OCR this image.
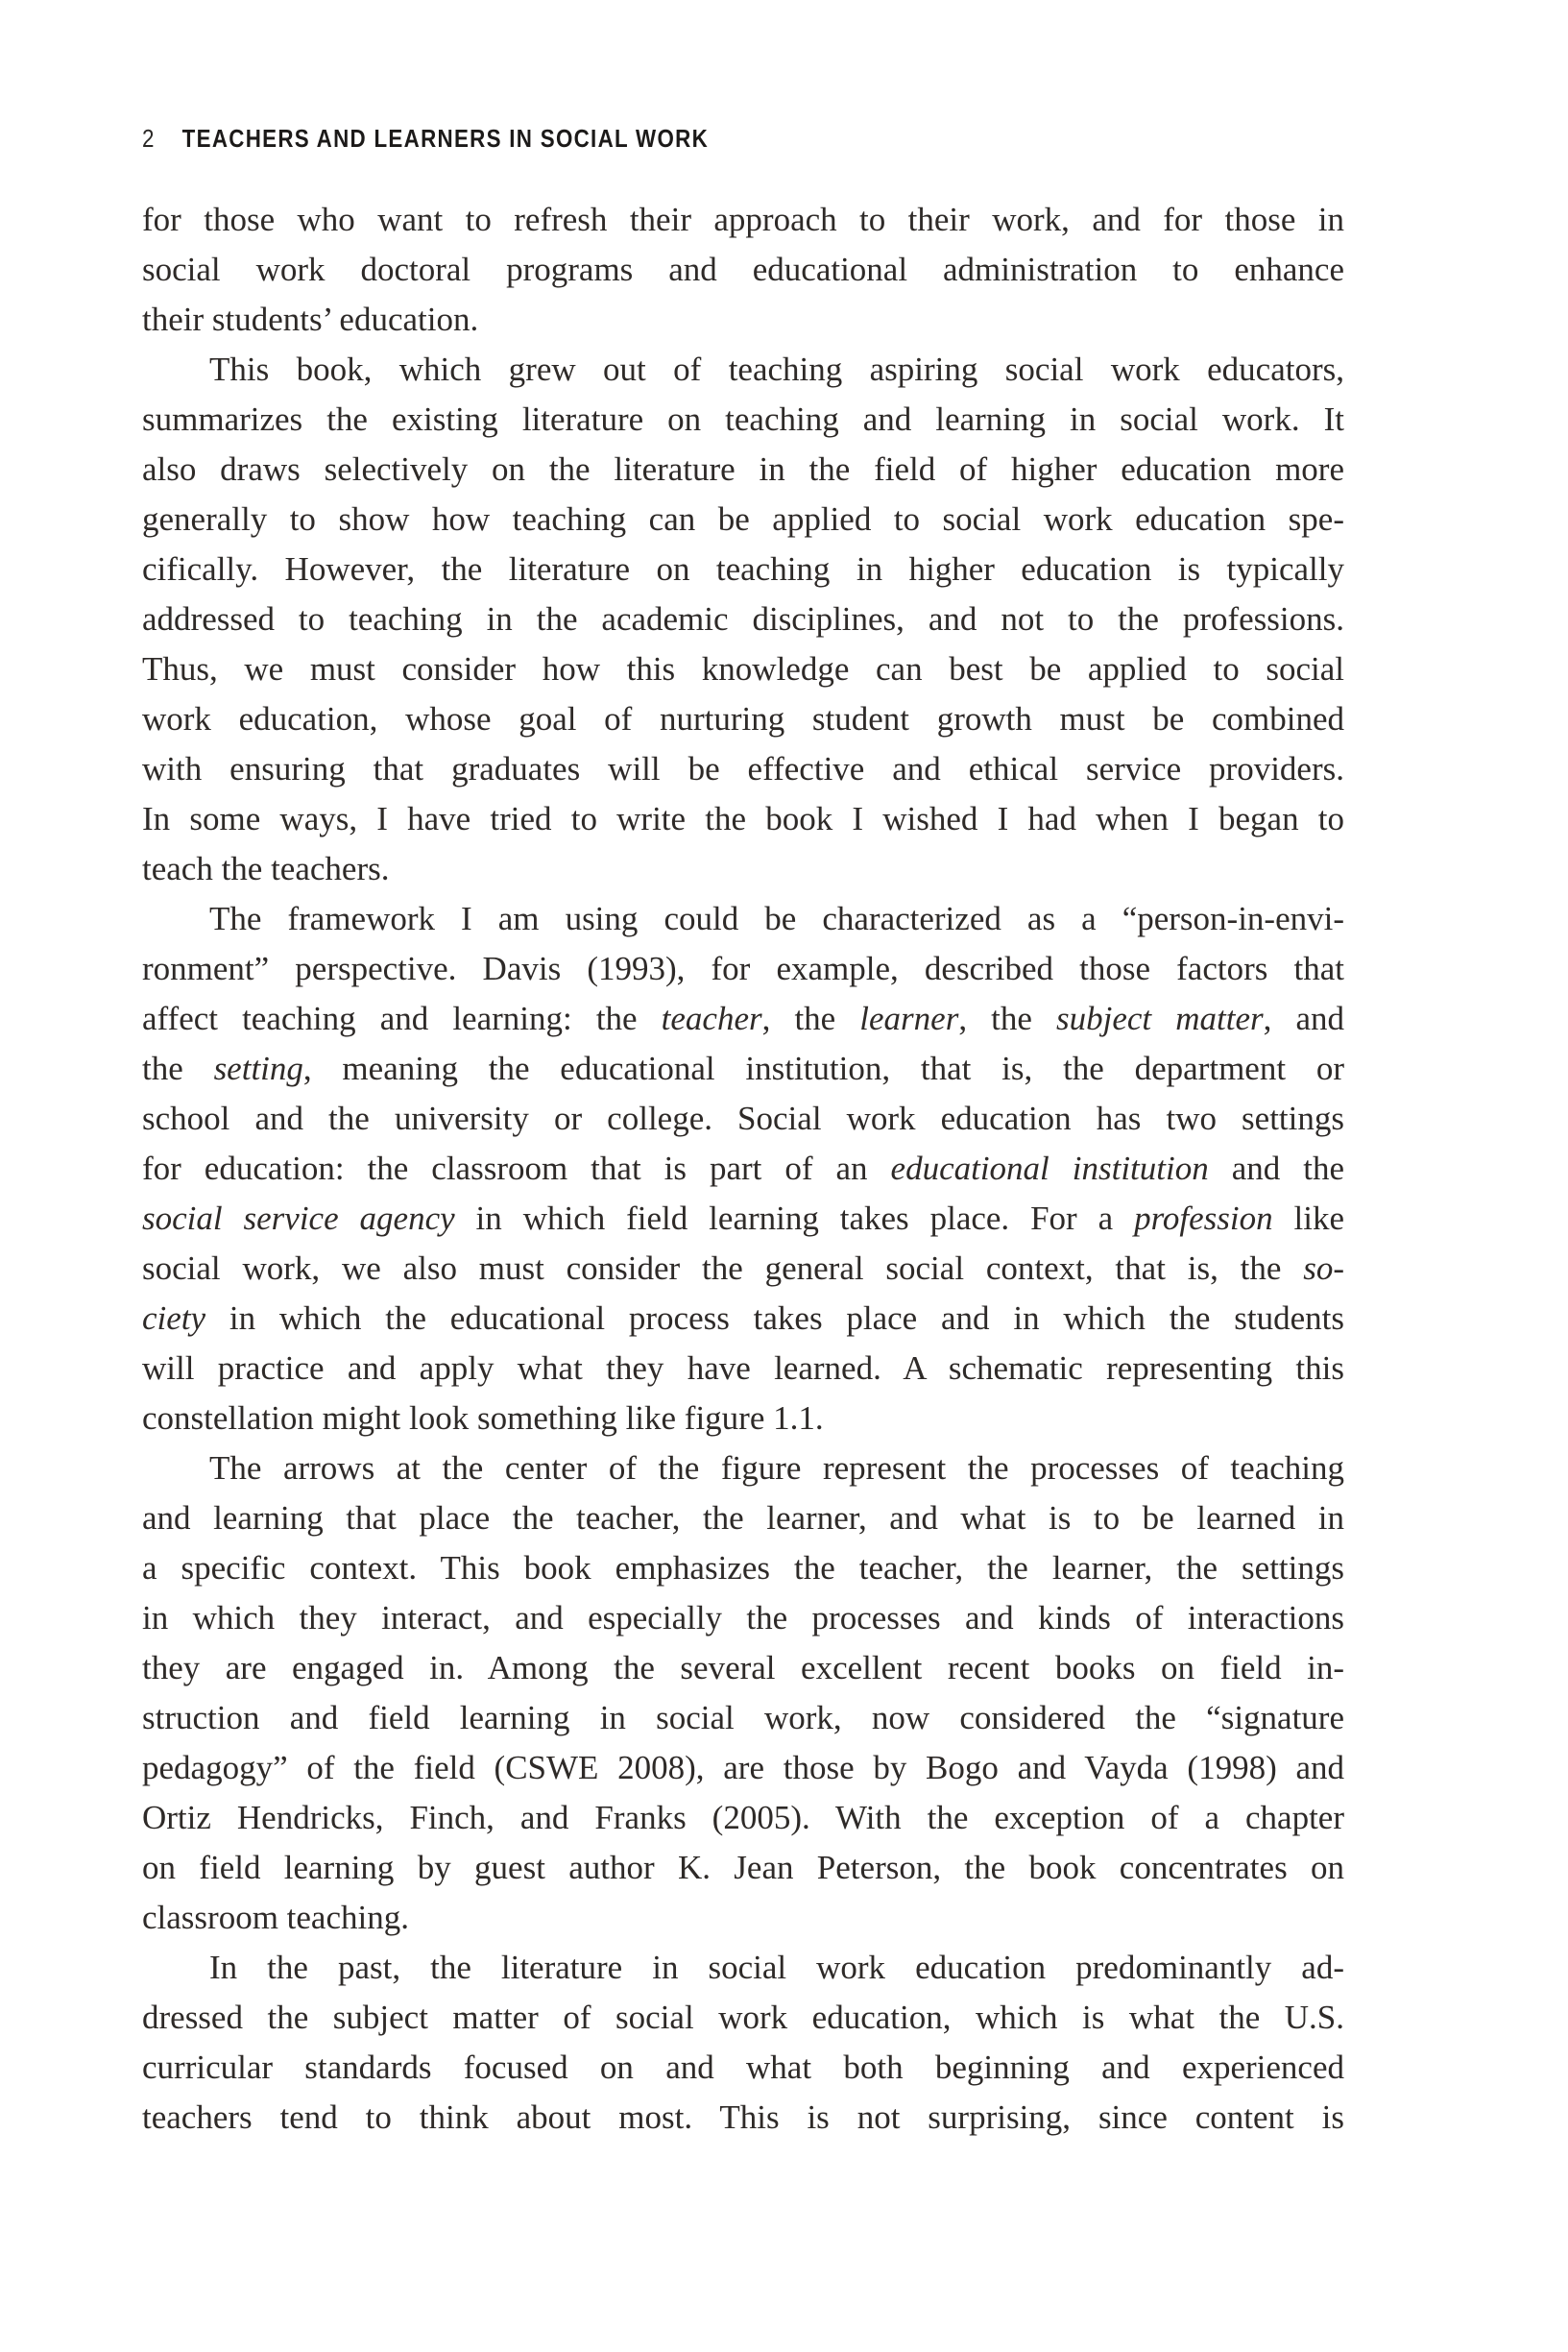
2 TEACHERS AND LEARNERS IN SOCIAL WORK
for those who want to refresh their approach to their work, and for those in
social work doctoral programs and educational administration to enhance
their students’ education.
This book, which grew out of teaching aspiring social work educators,
summarizes the existing literature on teaching and learning in social work. It
also draws selectively on the literature in the field of higher education more
generally to show how teaching can be applied to social work education spe-
cifically. However, the literature on teaching in higher education is typically
addressed to teaching in the academic disciplines, and not to the professions.
Thus, we must consider how this knowledge can best be applied to social
work education, whose goal of nurturing student growth must be combined
with ensuring that graduates will be effective and ethical service providers.
In some ways, I have tried to write the book I wished I had when I began to
teach the teachers.
The framework I am using could be characterized as a “person-in-envi-
ronment” perspective. Davis (1993), for example, described those factors that
affect teaching and learning: the teacher, the learner, the subject matter, and
the setting, meaning the educational institution, that is, the department or
school and the university or college. Social work education has two settings
for education: the classroom that is part of an educational institution and the
social service agency in which field learning takes place. For a profession like
social work, we also must consider the general social context, that is, the so-
ciety in which the educational process takes place and in which the students
will practice and apply what they have learned. A schematic representing this
constellation might look something like figure 1.1.
The arrows at the center of the figure represent the processes of teaching
and learning that place the teacher, the learner, and what is to be learned in
a specific context. This book emphasizes the teacher, the learner, the settings
in which they interact, and especially the processes and kinds of interactions
they are engaged in. Among the several excellent recent books on field in-
struction and field learning in social work, now considered the “signature
pedagogy” of the field (CSWE 2008), are those by Bogo and Vayda (1998) and
Ortiz Hendricks, Finch, and Franks (2005). With the exception of a chapter
on field learning by guest author K. Jean Peterson, the book concentrates on
classroom teaching.
In the past, the literature in social work education predominantly ad-
dressed the subject matter of social work education, which is what the U.S.
curricular standards focused on and what both beginning and experienced
teachers tend to think about most. This is not surprising, since content is
